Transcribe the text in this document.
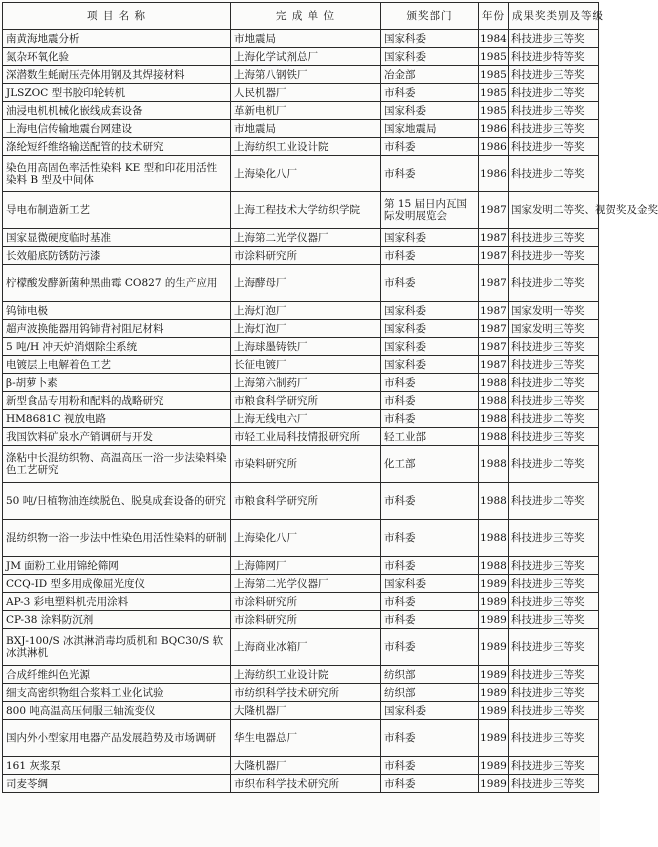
项 目 名 称	完 成 单 位	颁奖部门	年份	成果奖类别及等级
南黄海地震分析	市地震局	国家科委	1984	科技进步三等奖
氮杂环氧化验	上海化学试剂总厂	国家科委	1985	科技进步特等奖
深潜数生蚝耐压壳体用钢及其焊接材料	上海第八钢铁厂	冶金部	1985	科技进步三等奖
JLSZOC 型书胶印轮转机	人民机器厂	市科委	1985	科技进步二等奖
油浸电机机械化嵌线成套设备	革新电机厂	国家科委	1985	科技进步三等奖
上海电信传输地震台网建设	市地震局	国家地震局	1986	科技进步三等奖
涤纶短纤维络输送配管的技术研究	上海纺织工业设计院	市科委	1986	科技进步一等奖
染色用高固色率活性染料 KE 型和印花用活性染料 B 型及中间体	上海染化八厂	市科委	1986	科技进步二等奖
导电布制造新工艺	上海工程技术大学纺织学院	第 15 届日内瓦国际发明展览会	1987	国家发明二等奖、视贺奖及金奖
国家显微硬度临时基准	上海第二光学仪器厂	国家科委	1987	科技进步三等奖
长效船底防锈防污漆	市涂料研究所	市科委	1987	科技进步一等奖
柠檬酸发酵新菌种黑曲霉 CO827 的生产应用	上海酵母厂	市科委	1987	科技进步二等奖
钨铈电极	上海灯泡厂	国家科委	1987	国家发明一等奖
超声波换能器用钨铈背衬阻尼材料	上海灯泡厂	国家科委	1987	国家发明三等奖
5 吨/H 冲天炉消烟除尘系统	上海球墨铸铁厂	国家科委	1987	科技进步三等奖
电镀层上电解着色工艺	长征电镀厂	国家科委	1987	科技进步三等奖
β-胡萝卜素	上海第六制药厂	市科委	1988	科技进步二等奖
新型食品专用粉和配料的战略研究	市粮食科学研究所	市科委	1988	科技进步三等奖
HM8681C 视放电路	上海无线电六厂	市科委	1988	科技进步二等奖
我国饮料矿泉水产销调研与开发	市轻工业局科技情报研究所	轻工业部	1988	科技进步三等奖
涤粘中长混纺织物、高温高压一浴一步法染料染色工艺研究	市染料研究所	化工部	1988	科技进步二等奖
50 吨/日植物油连续脱色、脱臭成套设备的研究	市粮食科学研究所	市科委	1988	科技进步二等奖
混纺织物一浴一步法中性染色用活性染料的研制	上海染化八厂	市科委	1988	科技进步三等奖
JM 面粉工业用锦纶筛网	上海筛网厂	市科委	1988	科技进步三等奖
CCQ-ID 型多用成像屈光度仪	上海第二光学仪器厂	国家科委	1989	科技进步三等奖
AP-3 彩电塑料机壳用涂料	市涂料研究所	市科委	1989	科技进步三等奖
CP-38 涂料防沉剂	市涂料研究所	市科委	1989	科技进步三等奖
BXJ-100/S 冰淇淋消毒均质机和 BQC30/S 软冰淇淋机	上海商业冰箱厂	市科委	1989	科技进步三等奖
合成纤维纠色光源	上海纺织工业设计院	纺织部	1989	科技进步三等奖
细支高密织物组合浆料工业化试验	市纺织科学技术研究所	纺织部	1989	科技进步三等奖
800 吨高温高压伺服三轴流变仪	大隆机器厂	国家科委	1989	科技进步三等奖
国内外小型家用电器产品发展趋势及市场调研	华生电器总厂	市科委	1989	科技进步三等奖
161 灰浆泵	大隆机器厂	市科委	1989	科技进步三等奖
司麦苓绸	市织布科学技术研究所	市科委	1989	科技进步三等奖
